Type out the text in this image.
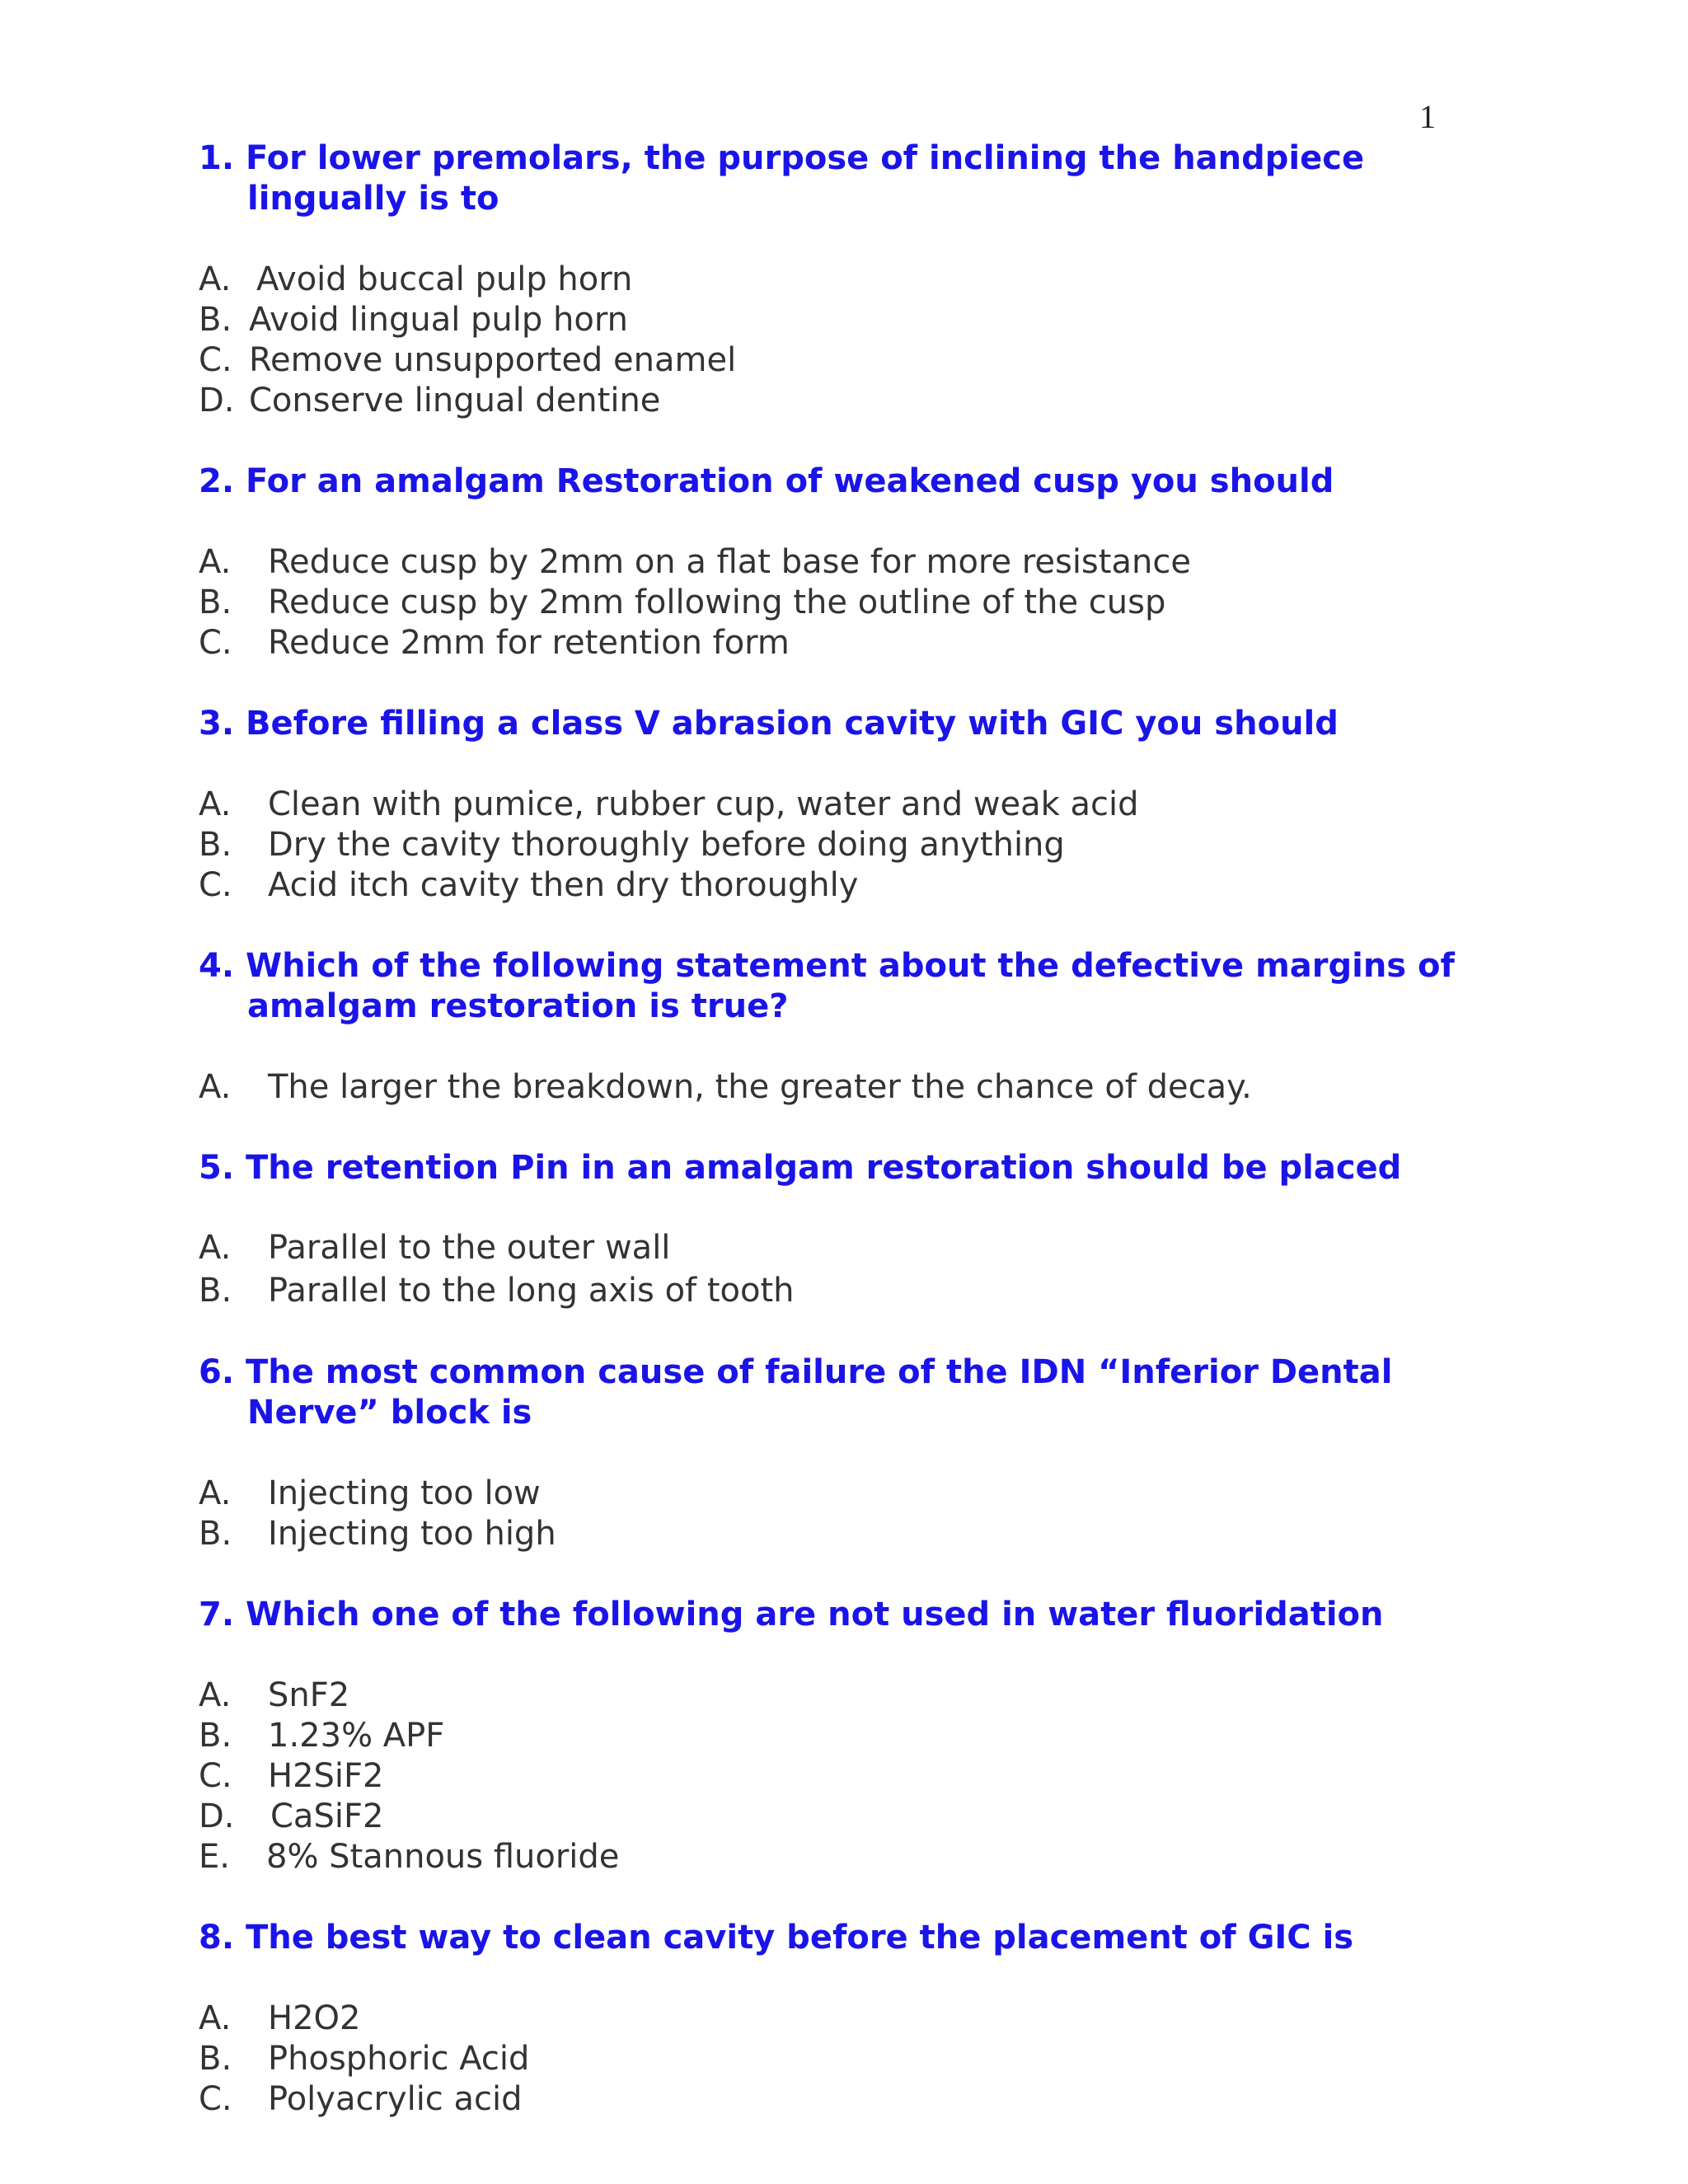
1

1. For lower premolars, the purpose of inclining the handpiece lingually is to

A. Avoid buccal pulp horn
B. Avoid lingual pulp horn
C. Remove unsupported enamel
D. Conserve lingual dentine

2. For an amalgam Restoration of weakened cusp you should

A.	Reduce cusp by 2mm on a flat base for more resistance
B.	Reduce cusp by 2mm following the outline of the cusp
C.	Reduce 2mm for retention form

3. Before filling a class V abrasion cavity with GIC you should

A.	Clean with pumice, rubber cup, water and weak acid
B.	Dry the cavity thoroughly before doing anything
C.	Acid itch cavity then dry thoroughly

4. Which of the following statement about the defective margins of amalgam restoration is true?

A.	The larger the breakdown, the greater the chance of decay.

5. The retention Pin in an amalgam restoration should be placed

A.	Parallel to the outer wall
B.	Parallel to the long axis of tooth

6. The most common cause of failure of the IDN “Inferior Dental Nerve” block is

A.	Injecting too low
B.	Injecting too high

7. Which one of the following are not used in water fluoridation

A.	SnF2
B.	1.23% APF
C.	H2SiF2
D.	CaSiF2
E.	8% Stannous fluoride

8. The best way to clean cavity before the placement of GIC is

A.	H2O2
B.	Phosphoric Acid
C.	Polyacrylic acid
